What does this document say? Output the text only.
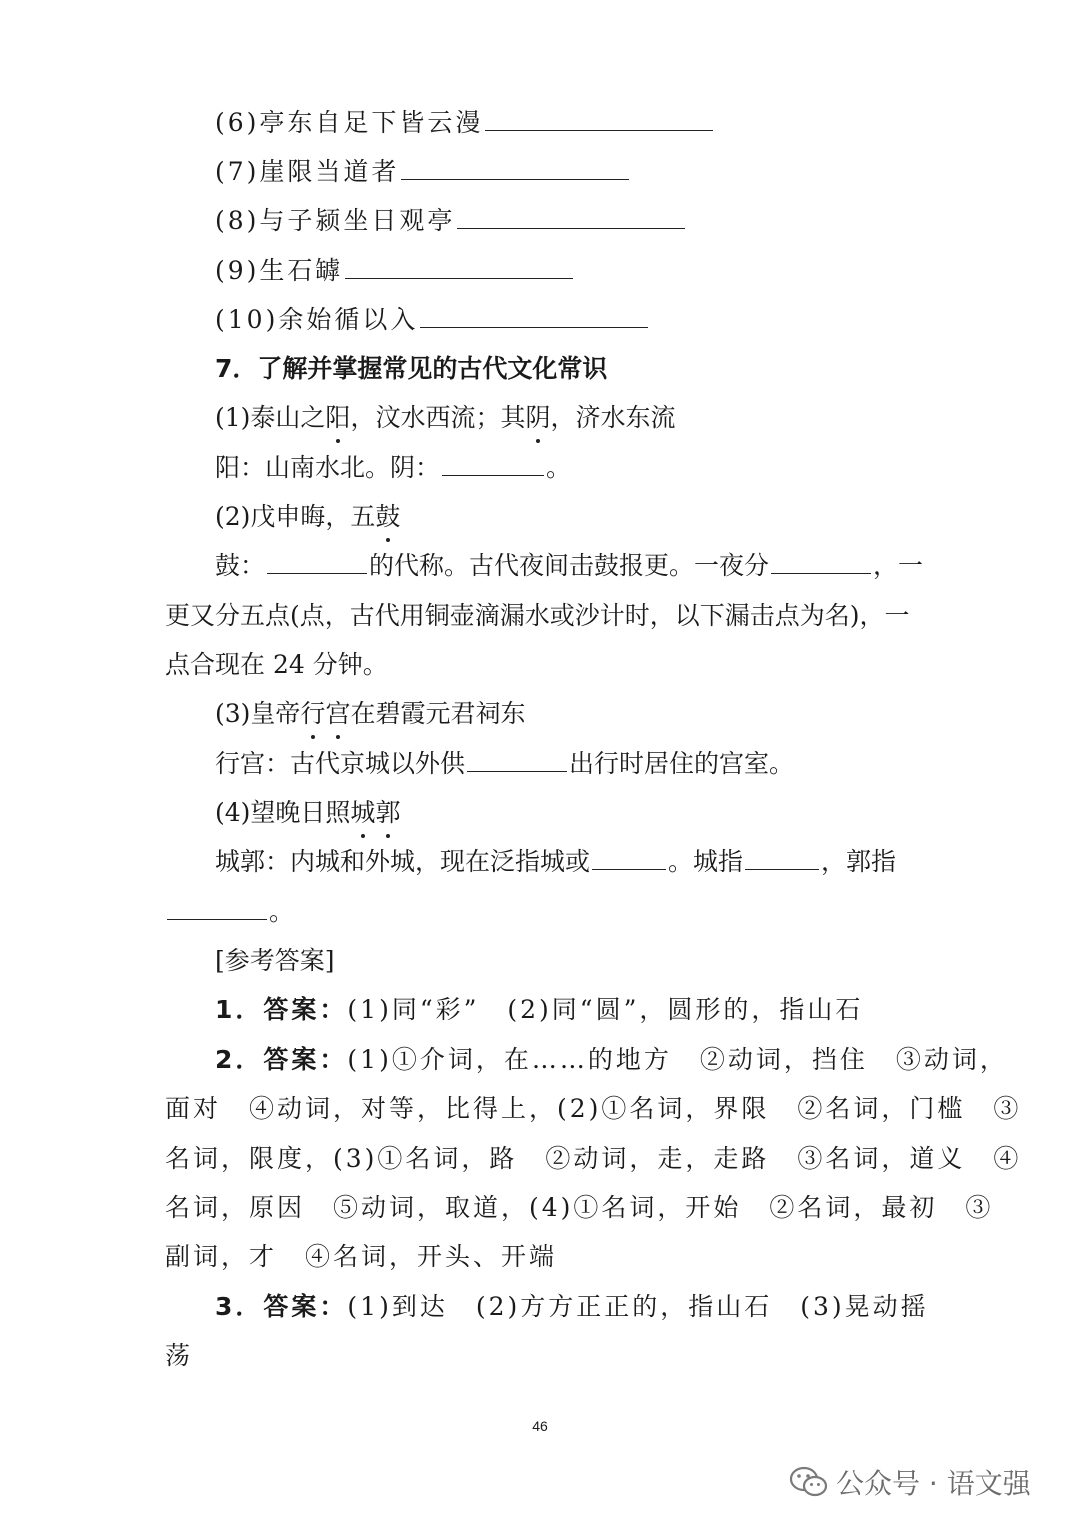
(6)亭东自足下皆云漫
(7)崖限当道者
(8)与子颍坐日观亭
(9)生石罅
(10)余始循以入
7．了解并掌握常见的古代文化常识
(1)泰山之阳，汶水西流；其阴，济水东流
阳：山南水北。阴：	。
(2)戊申晦，五鼓
鼓：	的代称。古代夜间击鼓报更。一夜分	，一
更又分五点(点，古代用铜壶滴漏水或沙计时，以下漏击点为名)，一
点合现在 24 分钟。
(3)皇帝行宫在碧霞元君祠东
行宫：古代京城以外供	出行时居住的宫室。
(4)望晚日照城郭
城郭：内城和外城，现在泛指城或	。城指	，郭指
。
[参考答案]
1．答案：(1)同“彩”　(2)同“圆”，圆形的，指山石
2．答案：(1)①介词，在……的地方　②动词，挡住　③动词，
面对　④动词，对等，比得上，(2)①名词，界限　②名词，门槛　③
名词，限度，(3)①名词，路　②动词，走，走路　③名词，道义　④
名词，原因　⑤动词，取道，(4)①名词，开始　②名词，最初　③
副词，才　④名词，开头、开端
3．答案：(1)到达　(2)方方正正的，指山石　(3)晃动摇
荡
46
公众号 · 语文强
